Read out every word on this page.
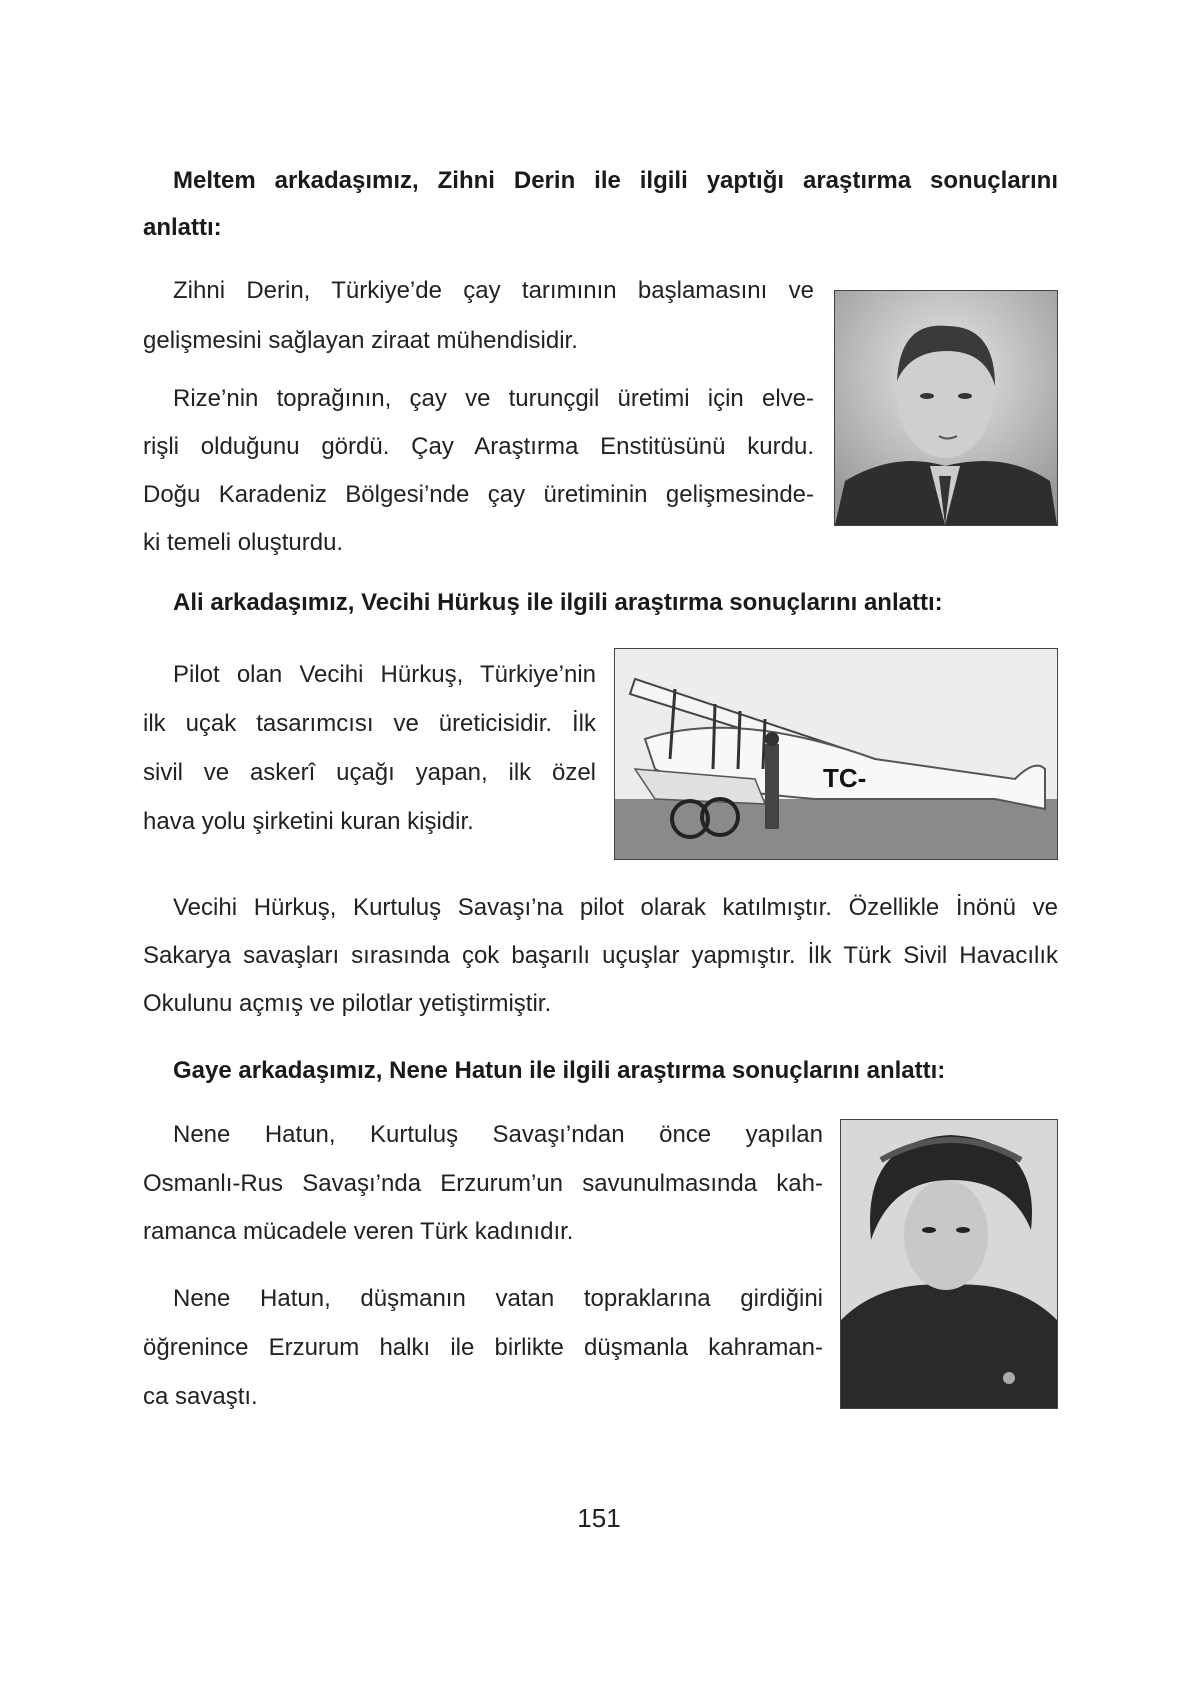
Meltem arkadaşımız, Zihni Derin ile ilgili yaptığı araştırma sonuçlarını
anlattı:
Zihni Derin, Türkiye’de çay tarımının başlamasını ve
gelişmesini sağlayan ziraat mühendisidir.
Rize’nin toprağının, çay ve turunçgil üretimi için elve-
rişli olduğunu gördü. Çay Araştırma Enstitüsünü kurdu.
Doğu Karadeniz Bölgesi’nde çay üretiminin gelişmesinde-
ki temeli oluşturdu.
Ali arkadaşımız, Vecihi Hürkuş ile ilgili araştırma sonuçlarını anlattı:
Pilot olan Vecihi Hürkuş, Türkiye’nin
ilk uçak tasarımcısı ve üreticisidir. İlk
sivil ve askerî uçağı yapan, ilk özel
hava yolu şirketini kuran kişidir.
TC-
Vecihi Hürkuş, Kurtuluş Savaşı’na pilot olarak katılmıştır. Özellikle İnönü ve
Sakarya savaşları sırasında çok başarılı uçuşlar yapmıştır. İlk Türk Sivil Havacılık
Okulunu açmış ve pilotlar yetiştirmiştir.
Gaye arkadaşımız, Nene Hatun ile ilgili araştırma sonuçlarını anlattı:
Nene Hatun, Kurtuluş Savaşı’ndan önce yapılan
Osmanlı-Rus Savaşı’nda Erzurum’un savunulmasında kah-
ramanca mücadele veren Türk kadınıdır.
Nene Hatun, düşmanın vatan topraklarına girdiğini
öğrenince Erzurum halkı ile birlikte düşmanla kahraman-
ca savaştı.
151
